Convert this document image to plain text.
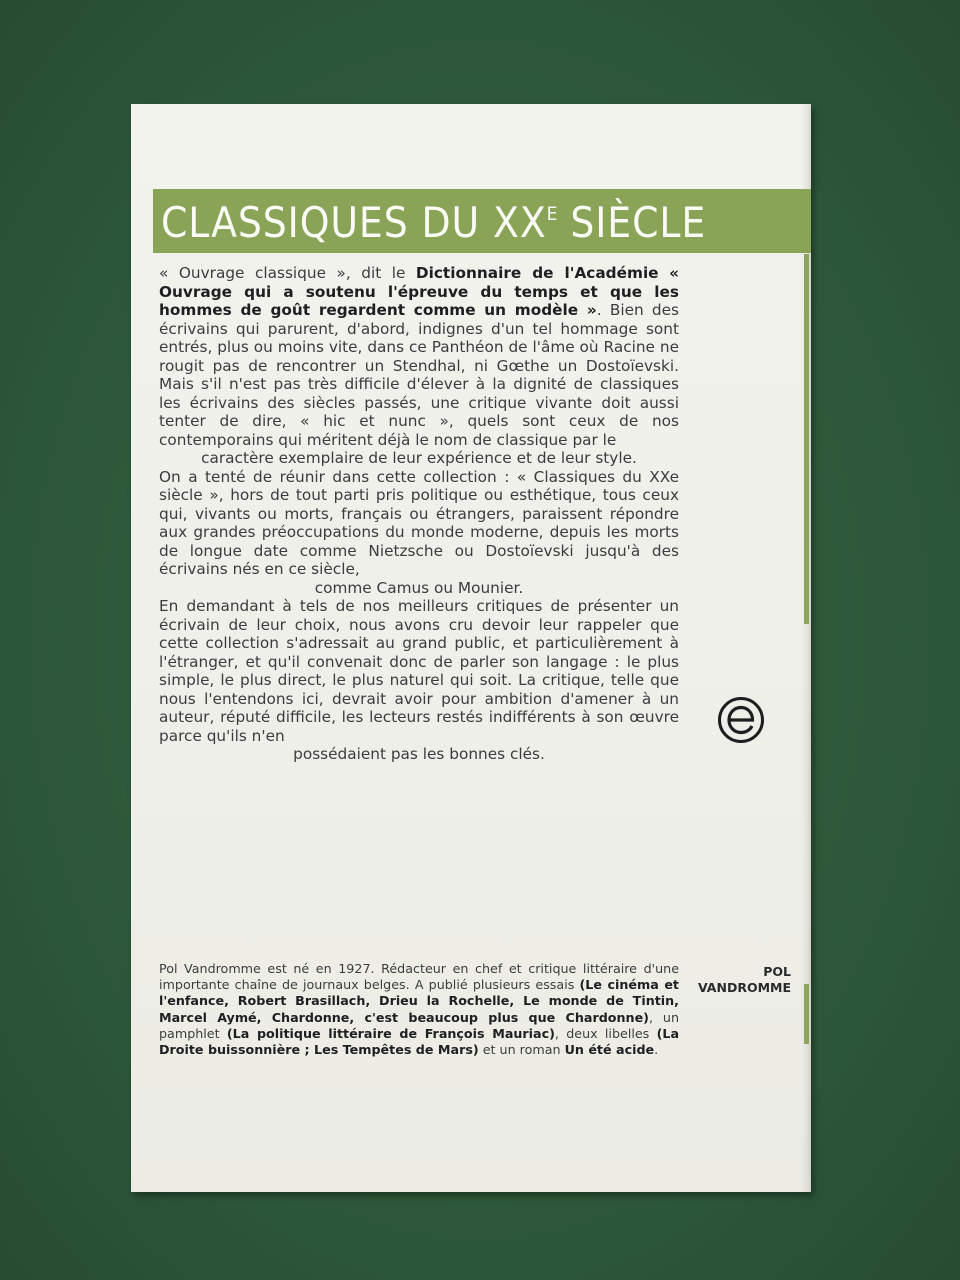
CLASSIQUES DU $XX^E$ SIÈCLE

« Ouvrage classique », dit le Dictionnaire de l'Académie « Ouvrage qui a soutenu l'épreuve du temps et que les hommes de goût regardent comme un modèle ». Bien des écrivains qui parurent, d'abord, indignes d'un tel hommage sont entrés, plus ou moins vite, dans ce Panthéon de l'âme où Racine ne rougit pas de rencontrer un Stendhal, ni Gœthe un Dostoïevski. Mais s'il n'est pas très difficile d'élever à la dignité de classiques les écrivains des siècles passés, une critique vivante doit aussi tenter de dire, « hic et nunc », quels sont ceux de nos contemporains qui méritent déjà le nom de classique par le

caractère exemplaire de leur expérience et de leur style.

On a tenté de réunir dans cette collection : « Classiques du XXe siècle », hors de tout parti pris politique ou esthétique, tous ceux qui, vivants ou morts, français ou étrangers, paraissent répondre aux grandes préoccupations du monde moderne, depuis les morts de longue date comme Nietzsche ou Dostoïevski jusqu'à des écrivains nés en ce siècle,

comme Camus ou Mounier.

En demandant à tels de nos meilleurs critiques de présenter un écrivain de leur choix, nous avons cru devoir leur rappeler que cette collection s'adressait au grand public, et particulièrement à l'étranger, et qu'il convenait donc de parler son langage : le plus simple, le plus direct, le plus naturel qui soit. La critique, telle que nous l'entendons ici, devrait avoir pour ambition d'amener à un auteur, réputé difficile, les lecteurs restés indifférents à son œuvre parce qu'ils n'en

possédaient pas les bonnes clés.

Pol Vandromme est né en 1927. Rédacteur en chef et critique littéraire d'une importante chaîne de journaux belges. A publié plusieurs essais (Le cinéma et l'enfance, Robert Brasillach, Drieu la Rochelle, Le monde de Tintin, Marcel Aymé, Chardonne, c'est beaucoup plus que Chardonne), un pamphlet (La politique littéraire de François Mauriac), deux libelles (La Droite buissonnière ; Les Tempêtes de Mars) et un roman Un été acide.

POL
VANDROMME
